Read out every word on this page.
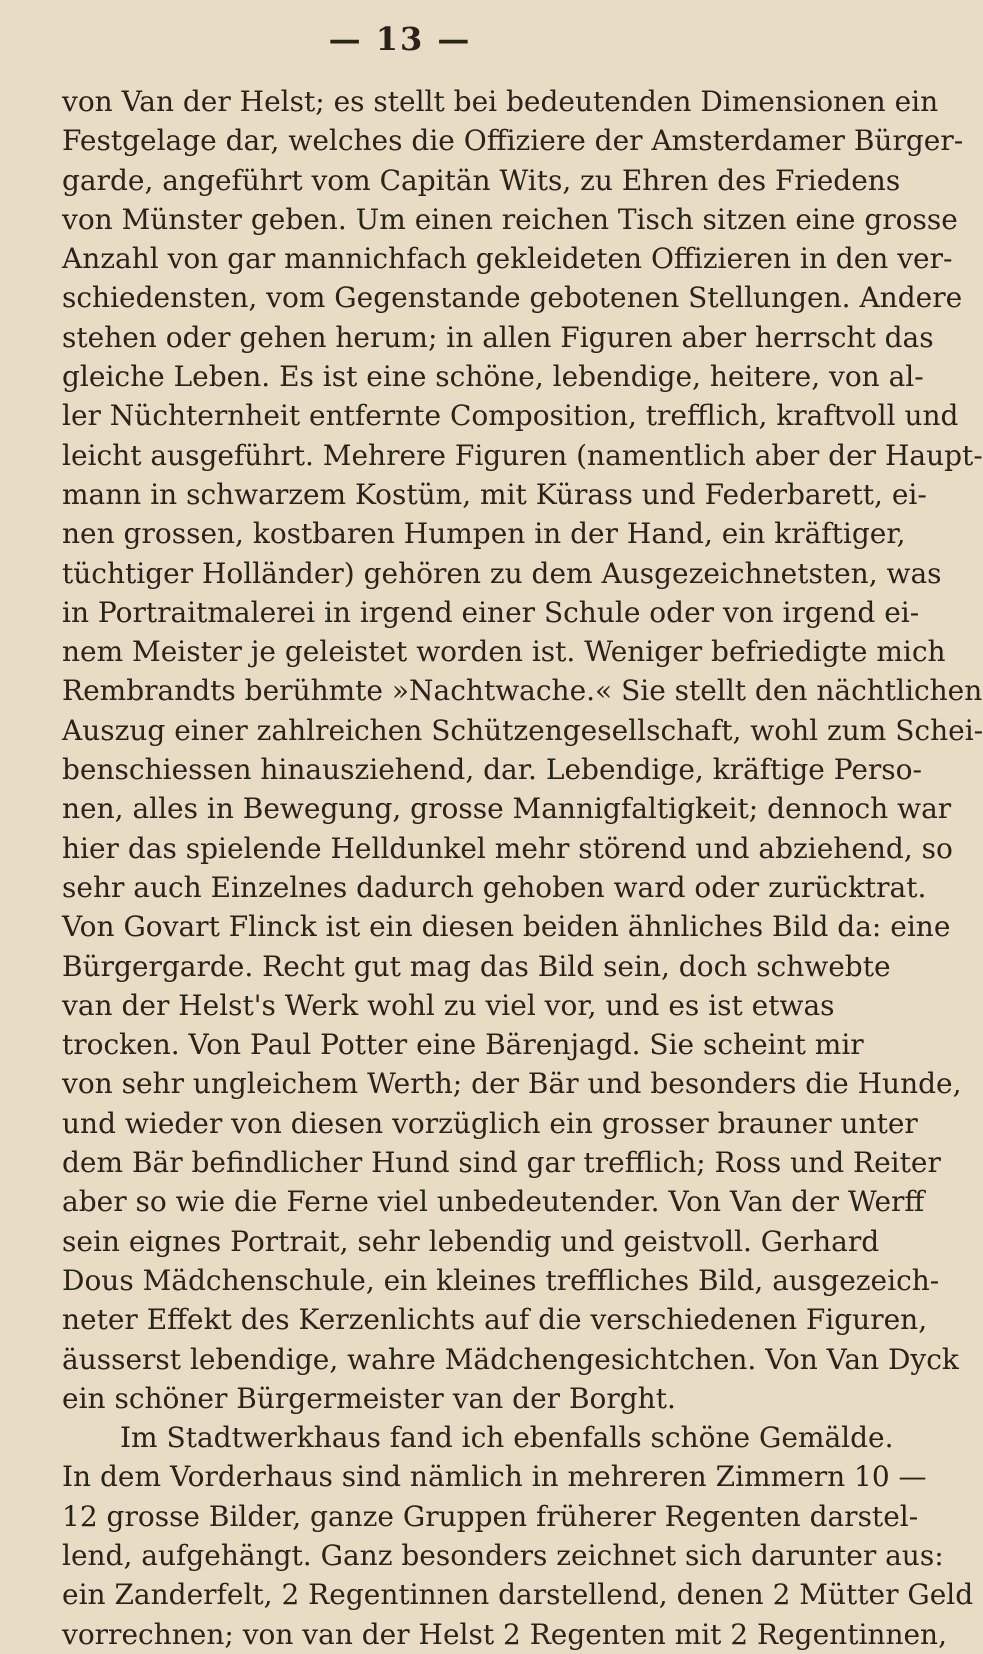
— 13 —
von Van der Helst; es stellt bei bedeutenden Dimensionen ein
Festgelage dar, welches die Offiziere der Amsterdamer Bürger-
garde, angeführt vom Capitän Wits, zu Ehren des Friedens
von Münster geben. Um einen reichen Tisch sitzen eine grosse
Anzahl von gar mannichfach gekleideten Offizieren in den ver-
schiedensten, vom Gegenstande gebotenen Stellungen. Andere
stehen oder gehen herum; in allen Figuren aber herrscht das
gleiche Leben. Es ist eine schöne, lebendige, heitere, von al-
ler Nüchternheit entfernte Composition, trefflich, kraftvoll und
leicht ausgeführt. Mehrere Figuren (namentlich aber der Haupt-
mann in schwarzem Kostüm, mit Kürass und Federbarett, ei-
nen grossen, kostbaren Humpen in der Hand, ein kräftiger,
tüchtiger Holländer) gehören zu dem Ausgezeichnetsten, was
in Portraitmalerei in irgend einer Schule oder von irgend ei-
nem Meister je geleistet worden ist. Weniger befriedigte mich
Rembrandts berühmte »Nachtwache.« Sie stellt den nächtlichen
Auszug einer zahlreichen Schützengesellschaft, wohl zum Schei-
benschiessen hinausziehend, dar. Lebendige, kräftige Perso-
nen, alles in Bewegung, grosse Mannigfaltigkeit; dennoch war
hier das spielende Helldunkel mehr störend und abziehend, so
sehr auch Einzelnes dadurch gehoben ward oder zurücktrat.
Von Govart Flinck ist ein diesen beiden ähnliches Bild da: eine
Bürgergarde. Recht gut mag das Bild sein, doch schwebte
van der Helst's Werk wohl zu viel vor, und es ist etwas
trocken. Von Paul Potter eine Bärenjagd. Sie scheint mir
von sehr ungleichem Werth; der Bär und besonders die Hunde,
und wieder von diesen vorzüglich ein grosser brauner unter
dem Bär befindlicher Hund sind gar trefflich; Ross und Reiter
aber so wie die Ferne viel unbedeutender. Von Van der Werff
sein eignes Portrait, sehr lebendig und geistvoll. Gerhard
Dous Mädchenschule, ein kleines treffliches Bild, ausgezeich-
neter Effekt des Kerzenlichts auf die verschiedenen Figuren,
äusserst lebendige, wahre Mädchengesichtchen. Von Van Dyck
ein schöner Bürgermeister van der Borght.
Im Stadtwerkhaus fand ich ebenfalls schöne Gemälde.
In dem Vorderhaus sind nämlich in mehreren Zimmern 10 —
12 grosse Bilder, ganze Gruppen früherer Regenten darstel-
lend, aufgehängt. Ganz besonders zeichnet sich darunter aus:
ein Zanderfelt, 2 Regentinnen darstellend, denen 2 Mütter Geld
vorrechnen; von van der Helst 2 Regenten mit 2 Regentinnen,
